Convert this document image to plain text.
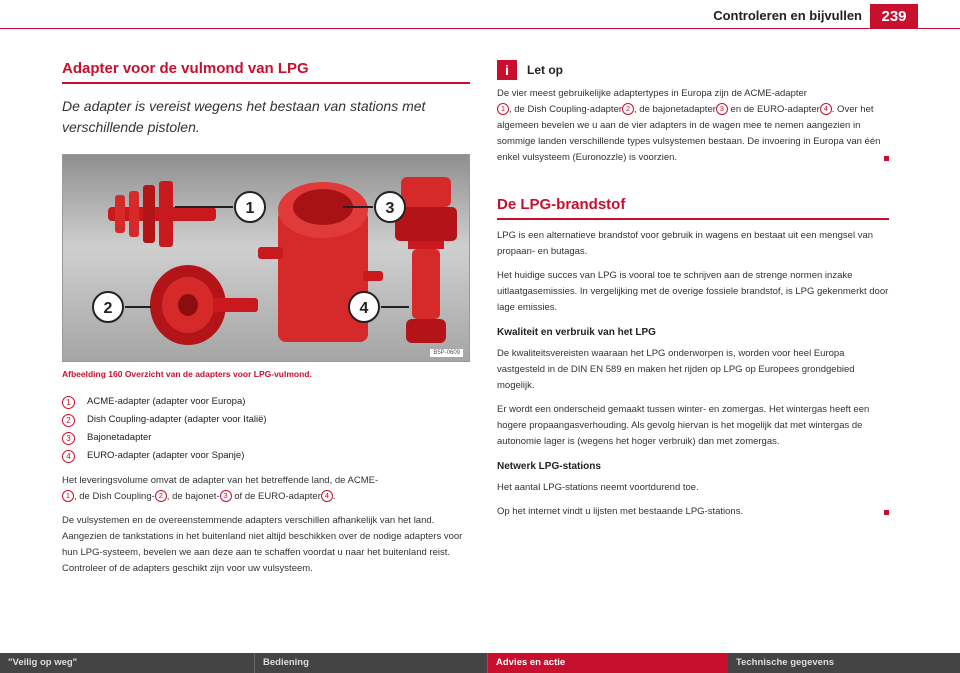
Controleren en bijvullen	239
Adapter voor de vulmond van LPG
De adapter is vereist wegens het bestaan van stations met verschillende pistolen.
1
2
3
4
B5P-0609
Afbeelding 160 Overzicht van de adapters voor LPG-vulmond.
1	ACME-adapter (adapter voor Europa)
2	Dish Coupling-adapter (adapter voor Italië)
3	Bajonetadapter
4	EURO-adapter (adapter voor Spanje)

Het leveringsvolume omvat de adapter van het betreffende land, de ACME-
1 , de Dish Coupling- 2 , de bajonet- 3 of de EURO-adapter 4 .

De vulsystemen en de overeenstemmende adapters verschillen afhankelijk van het land. Aangezien de tankstations in het buitenland niet altijd beschikken over de nodige adapters voor hun LPG-systeem, bevelen we aan deze aan te schaffen voordat u naar het buitenland reist. Controleer of de adapters geschikt zijn voor uw vulsysteem.

i	Let op

De vier meest gebruikelijke adaptertypes in Europa zijn de ACME-adapter
1 , de Dish Coupling-adapter 2 , de bajonetadapter 3 en de EURO-adapter 4 . Over het algemeen bevelen we u aan de vier adapters in de wagen mee te nemen aangezien in sommige landen verschillende types vulsystemen bestaan. De invoering in Europa van één enkel vulsysteem (Euronozzle) is voorzien.

De LPG-brandstof

LPG is een alternatieve brandstof voor gebruik in wagens en bestaat uit een mengsel van propaan- en butagas.

Het huidige succes van LPG is vooral toe te schrijven aan de strenge normen inzake uitlaatgasemissies. In vergelijking met de overige fossiele brandstof, is LPG gekenmerkt door lage emissies.

Kwaliteit en verbruik van het LPG

De kwaliteitsvereisten waaraan het LPG onderworpen is, worden voor heel Europa vastgesteld in de DIN EN 589 en maken het rijden op LPG op Europees grondgebied mogelijk.

Er wordt een onderscheid gemaakt tussen winter- en zomergas. Het wintergas heeft een hogere propaangasverhouding. Als gevolg hiervan is het mogelijk dat met wintergas de autonomie lager is (wegens het hoger verbruik) dan met zomergas.

Netwerk LPG-stations

Het aantal LPG-stations neemt voortdurend toe.

Op het internet vindt u lijsten met bestaande LPG-stations.

"Veilig op weg"	Bediening	Advies en actie	Technische gegevens
